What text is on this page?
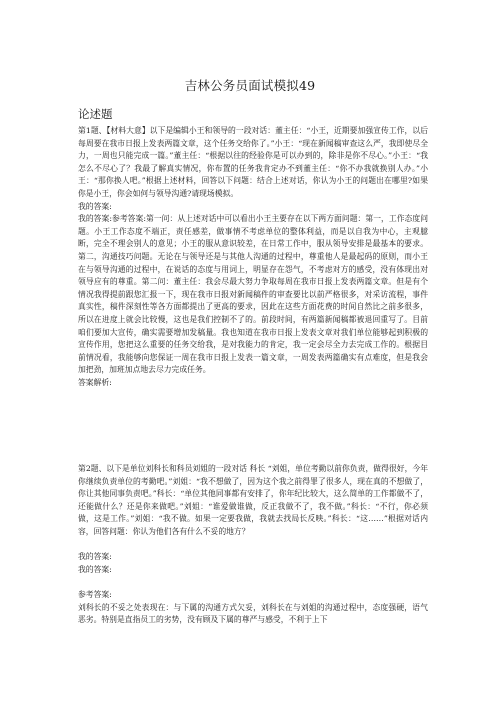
吉林公务员面试模拟49
论述题
第1题、【材料大意】以下是编辑小王和领导的一段对话：董主任：“小王，近期要加强宣传工作，以后每周要在我市日报上发表两篇文章，这个任务交给你了。”小王：“现在新闻稿审查这么严，我即使尽全力，一周也只能完成一篇。”董主任：“根据以往的经验你是可以办到的，除非是你不尽心。”小王：“我怎么不尽心了？我最了解真实情况，你布置的任务我肯定办不到董主任：“你不办我就换别人办。”小王：“那你换人吧。”根据上述材料，回答以下问题：结合上述对话，你认为小王的问题出在哪里?如果你是小王，你会如何与领导沟通?请现场模拟。
我的答案:
我的答案:参考答案:第一问：从上述对话中可以看出小王主要存在以下两方面问题：第一，工作态度问题。小王工作态度不端正，责任感差，做事情不考虑单位的整体利益，而是以自我为中心，主观臆断，完全不理会别人的意见；小王的服从意识较差，在日常工作中，服从领导安排是最基本的要求。第二，沟通技巧问题。无论在与领导还是与其他人沟通的过程中，尊重他人是最起码的原则，而小王在与领导沟通的过程中，在说话的态度与用词上，明显存在怨气，不考虑对方的感受，没有体现出对领导应有的尊重。第二问：董主任：我会尽最大努力争取每周在我市日报上发表两篇文章。但是有个情况我得提前跟您汇报一下，现在我市日报对新闻稿件的审查要比以前严格很多，对采访流程，事件真实性，稿件深刻性等各方面都提出了更高的要求，因此在这些方面花费的时间自然比之前多很多，所以在进度上就会比较慢，这也是我们控制不了的。前段时间，有两篇新闻稿都被退回重写了。目前咱们要加大宣传，确实需要增加发稿量。我也知道在我市日报上发表文章对我们单位能够起到积极的宣传作用，您把这么重要的任务交给我，是对我能力的肯定，我一定会尽全力去完成工作的。根据目前情况看，我能够向您保证一周在我市日报上发表一篇文章，一周发表两篇确实有点难度，但是我会加把劲，加班加点地去尽力完成任务。
答案解析:
第2题、以下是单位刘科长和科员刘姐的一段对话 科长 “刘姐，单位考勤以前你负责，做得很好，今年你继续负责单位的考勤吧。”刘姐：“我不想做了，因为这个我之前得罪了很多人，现在真的不想做了，你让其他同事负责吧。”科长：“单位其他同事都有安排了，你年纪比较大，这么简单的工作都做不了，还能做什么？还是你来做吧。”刘姐：“谁爱做谁做，反正我做不了，我不做。”科长：“不行，你必须做，这是工作。”刘姐：“我不做。如果一定要我做，我就去找局长反映。”科长：“这……”根据对话内容，回答问题：你认为他们各有什么不妥的地方？
我的答案:
我的答案:
参考答案:
刘科长的不妥之处表现在：与下属的沟通方式欠妥，刘科长在与刘姐的沟通过程中，态度强硬，语气恶劣。特别是直指员工的劣势，没有顾及下属的尊严与感受，不利于上下
